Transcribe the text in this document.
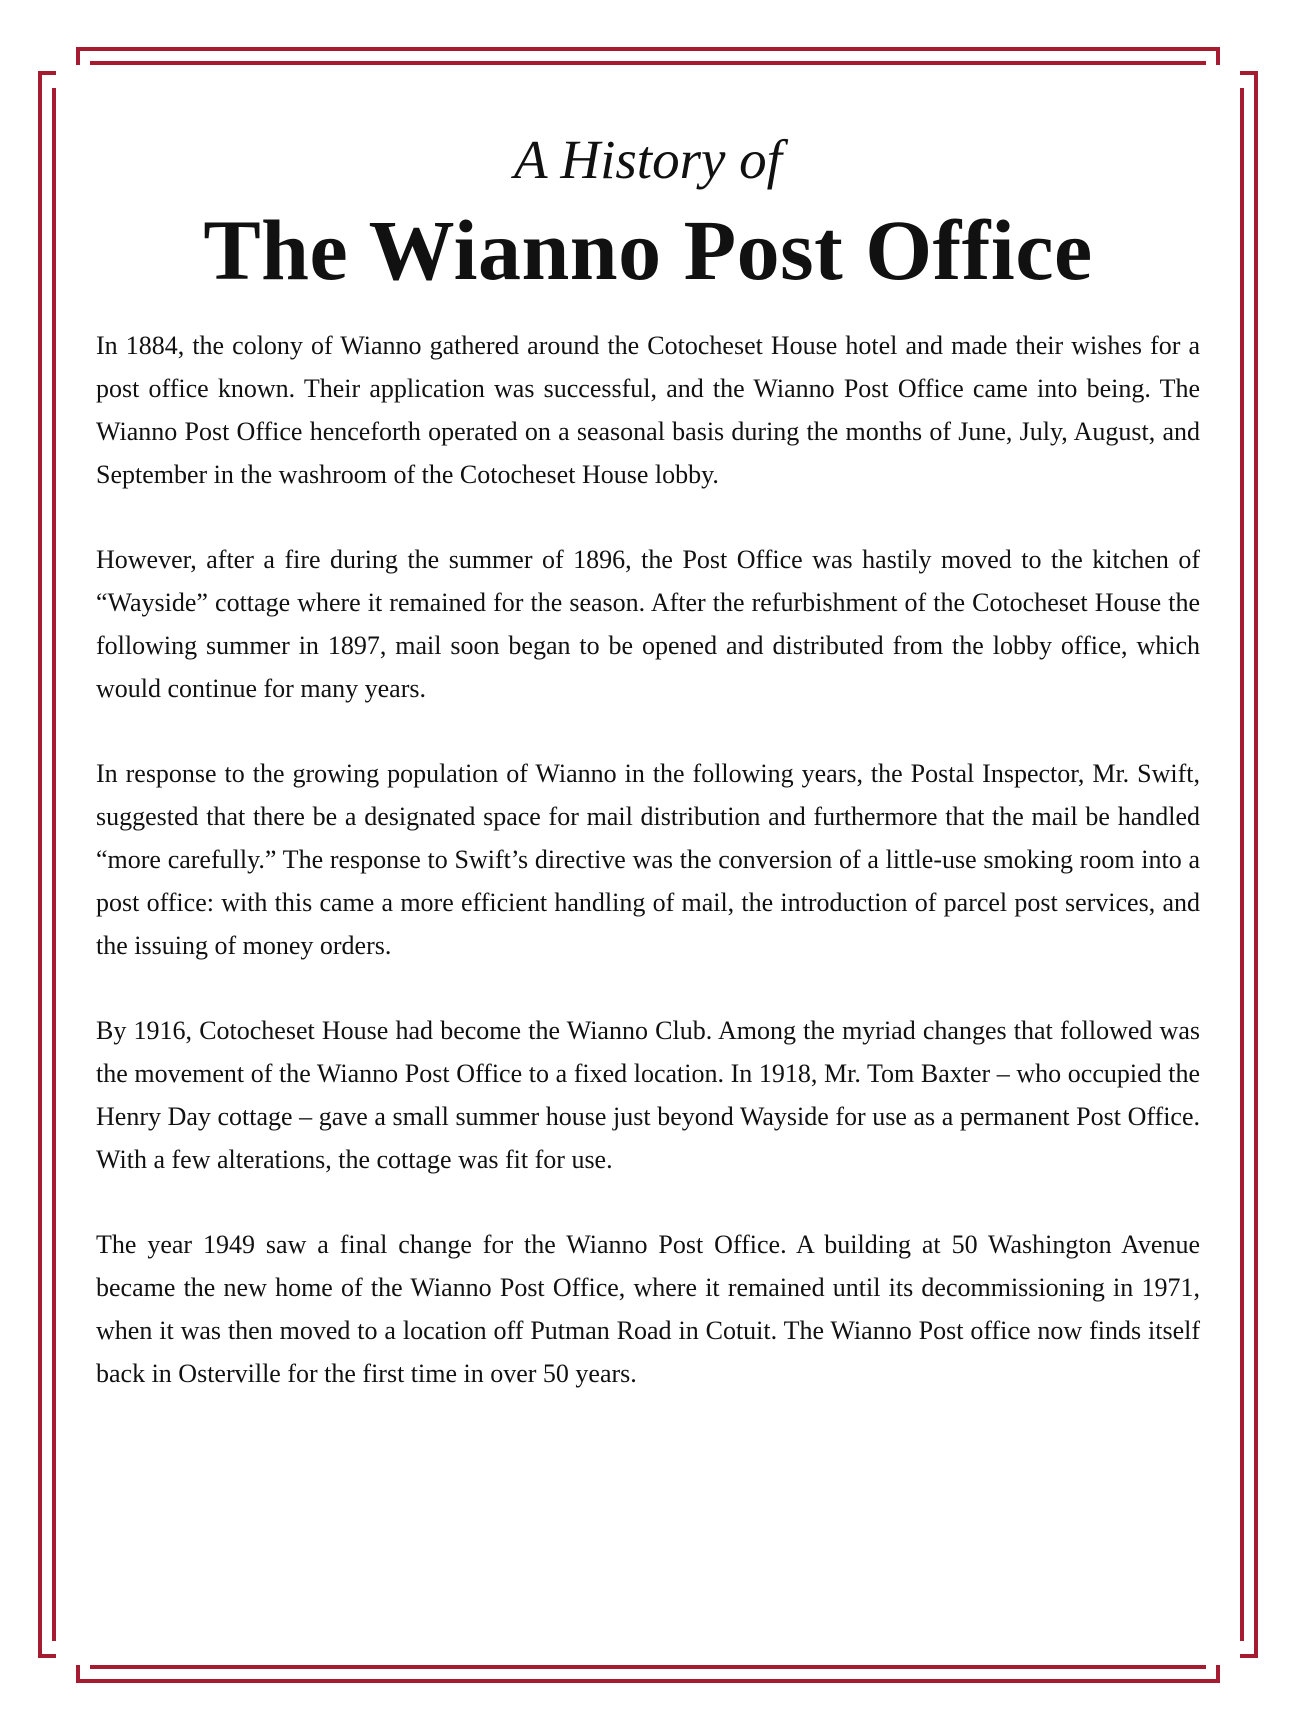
A History of
The Wianno Post Office

In 1884, the colony of Wianno gathered around the Cotocheset House hotel and made their wishes for a post office known. Their application was successful, and the Wianno Post Office came into being. The Wianno Post Office henceforth operated on a seasonal basis during the months of June, July, August, and September in the washroom of the Cotocheset House lobby.

However, after a fire during the summer of 1896, the Post Office was hastily moved to the kitchen of “Wayside” cottage where it remained for the season. After the refurbishment of the Cotocheset House the following summer in 1897, mail soon began to be opened and distributed from the lobby office, which would continue for many years.

In response to the growing population of Wianno in the following years, the Postal Inspector, Mr. Swift, suggested that there be a designated space for mail distribution and furthermore that the mail be handled “more carefully.” The response to Swift’s directive was the conversion of a little-use smoking room into a post office: with this came a more efficient handling of mail, the introduction of parcel post services, and the issuing of money orders.

By 1916, Cotocheset House had become the Wianno Club. Among the myriad changes that followed was the movement of the Wianno Post Office to a fixed location. In 1918, Mr. Tom Baxter – who occupied the Henry Day cottage – gave a small summer house just beyond Wayside for use as a permanent Post Office. With a few alterations, the cottage was fit for use.

The year 1949 saw a final change for the Wianno Post Office. A building at 50 Washington Avenue became the new home of the Wianno Post Office, where it remained until its decommissioning in 1971, when it was then moved to a location off Putman Road in Cotuit. The Wianno Post office now finds itself back in Osterville for the first time in over 50 years.
